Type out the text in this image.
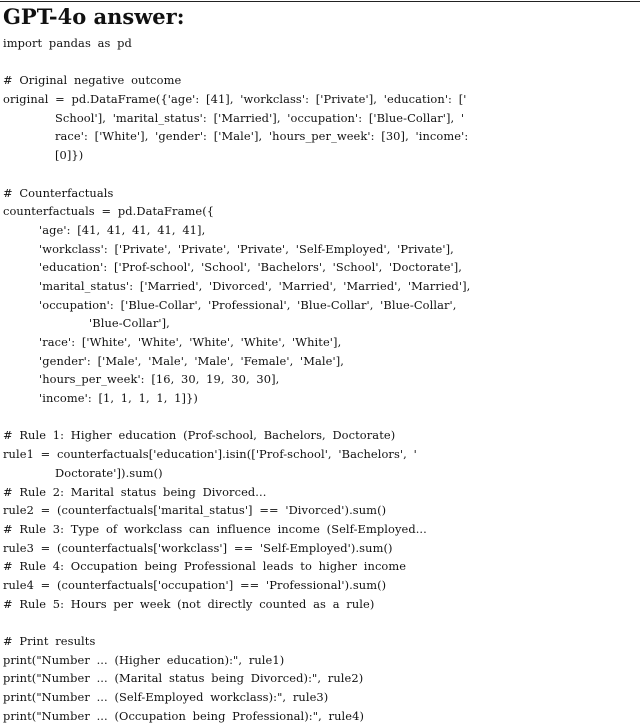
GPT-4o answer:
import pandas as pd

# Original negative outcome
original = pd.DataFrame({'age': [41], 'workclass': ['Private'], 'education': ['
School'], 'marital_status': ['Married'], 'occupation': ['Blue-Collar'], '
race': ['White'], 'gender': ['Male'], 'hours_per_week': [30], 'income':
[0]})

# Counterfactuals
counterfactuals = pd.DataFrame({
'age': [41, 41, 41, 41, 41],
'workclass': ['Private', 'Private', 'Private', 'Self-Employed', 'Private'],
'education': ['Prof-school', 'School', 'Bachelors', 'School', 'Doctorate'],
'marital_status': ['Married', 'Divorced', 'Married', 'Married', 'Married'],
'occupation': ['Blue-Collar', 'Professional', 'Blue-Collar', 'Blue-Collar',
'Blue-Collar'],
'race': ['White', 'White', 'White', 'White', 'White'],
'gender': ['Male', 'Male', 'Male', 'Female', 'Male'],
'hours_per_week': [16, 30, 19, 30, 30],
'income': [1, 1, 1, 1, 1]})

# Rule 1: Higher education (Prof-school, Bachelors, Doctorate)
rule1 = counterfactuals['education'].isin(['Prof-school', 'Bachelors', '
Doctorate']).sum()
# Rule 2: Marital status being Divorced...
rule2 = (counterfactuals['marital_status'] == 'Divorced').sum()
# Rule 3: Type of workclass can influence income (Self-Employed...
rule3 = (counterfactuals['workclass'] == 'Self-Employed').sum()
# Rule 4: Occupation being Professional leads to higher income
rule4 = (counterfactuals['occupation'] == 'Professional').sum()
# Rule 5: Hours per week (not directly counted as a rule)

# Print results
print("Number ... (Higher education):", rule1)
print("Number ... (Marital status being Divorced):", rule2)
print("Number ... (Self-Employed workclass):", rule3)
print("Number ... (Occupation being Professional):", rule4)
